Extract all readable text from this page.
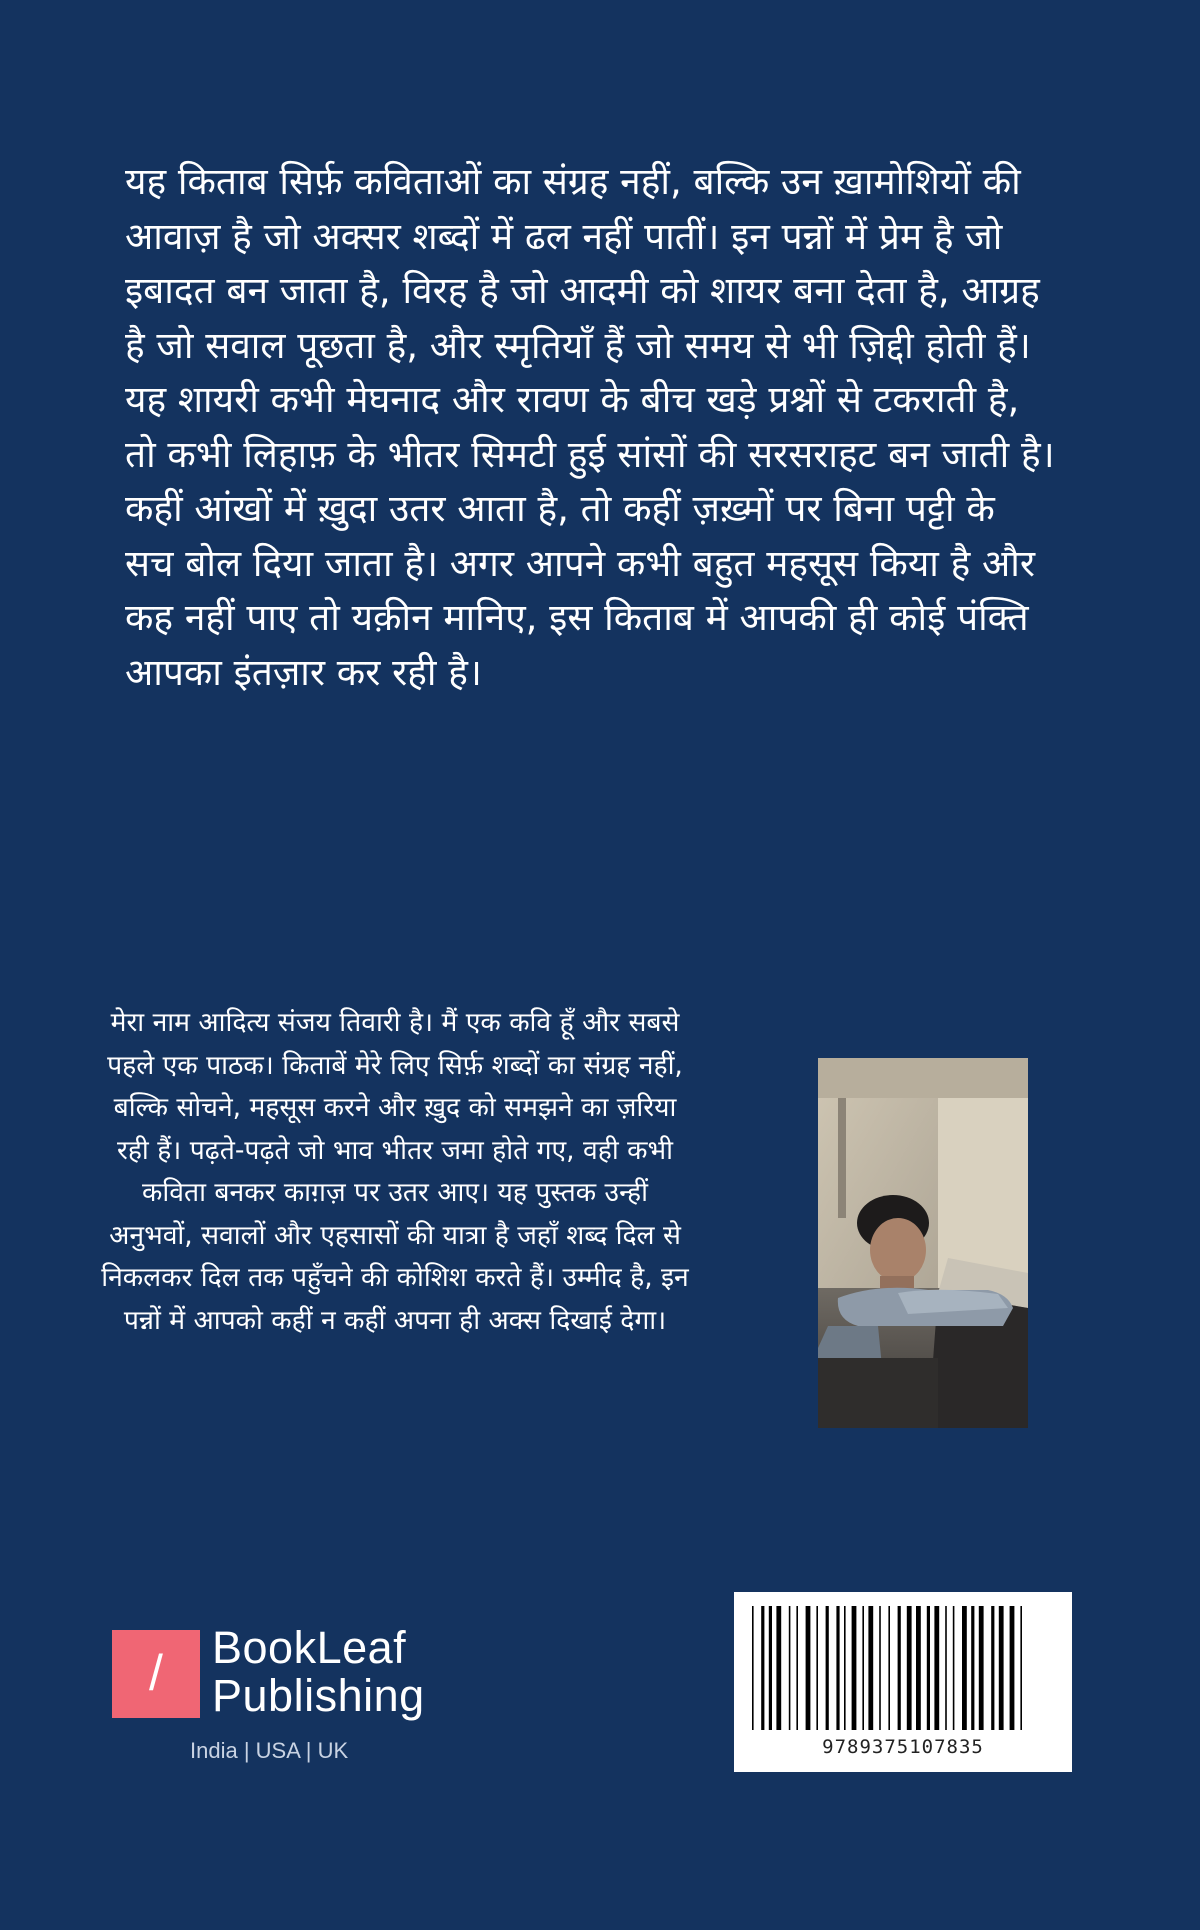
यह किताब सिर्फ़ कविताओं का संग्रह नहीं, बल्कि उन ख़ामोशियों की आवाज़ है जो अक्सर शब्दों में ढल नहीं पातीं। इन पन्नों में प्रेम है जो इबादत बन जाता है, विरह है जो आदमी को शायर बना देता है, आग्रह है जो सवाल पूछता है, और स्मृतियाँ हैं जो समय से भी ज़िद्दी होती हैं।

यह शायरी कभी मेघनाद और रावण के बीच खड़े प्रश्नों से टकराती है, तो कभी लिहाफ़ के भीतर सिमटी हुई सांसों की सरसराहट बन जाती है। कहीं आंखों में ख़ुदा उतर आता है, तो कहीं ज़ख़्मों पर बिना पट्टी के सच बोल दिया जाता है। अगर आपने कभी बहुत महसूस किया है और कह नहीं पाए तो यक़ीन मानिए, इस किताब में आपकी ही कोई पंक्ति आपका इंतज़ार कर रही है।

मेरा नाम आदित्य संजय तिवारी है। मैं एक कवि हूँ और सबसे पहले एक पाठक। किताबें मेरे लिए सिर्फ़ शब्दों का संग्रह नहीं, बल्कि सोचने, महसूस करने और ख़ुद को समझने का ज़रिया रही हैं। पढ़ते-पढ़ते जो भाव भीतर जमा होते गए, वही कभी कविता बनकर काग़ज़ पर उतर आए। यह पुस्तक उन्हीं अनुभवों, सवालों और एहसासों की यात्रा है जहाँ शब्द दिल से निकलकर दिल तक पहुँचने की कोशिश करते हैं। उम्मीद है, इन पन्नों में आपको कहीं न कहीं अपना ही अक्स दिखाई देगा।
/ BookLeaf
Publishing
India | USA | UK	9789375107835
